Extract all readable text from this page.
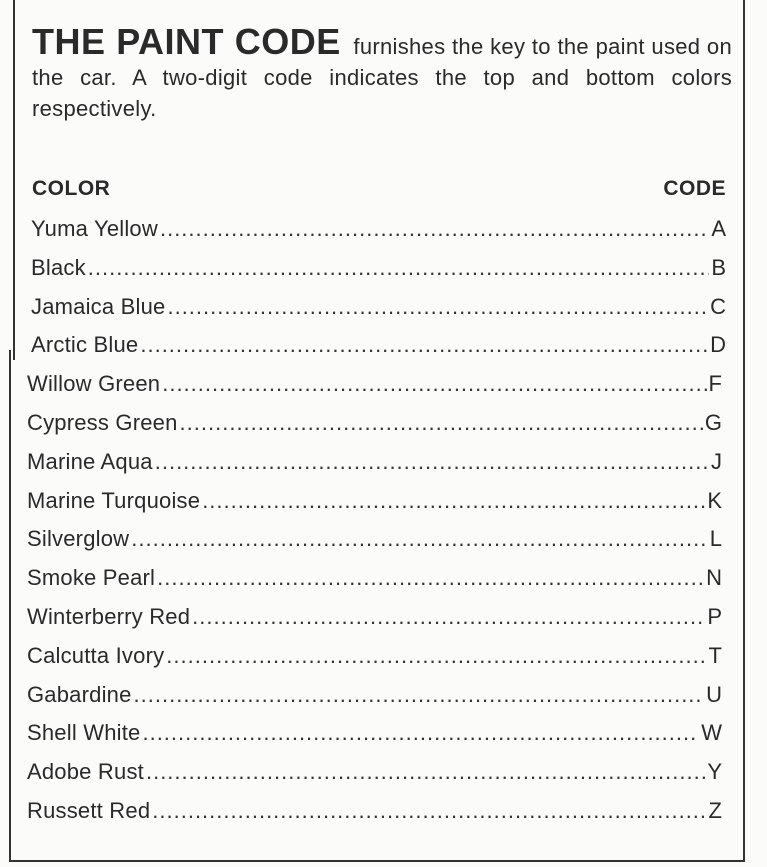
THE PAINT CODE furnishes the key to the paint used on the car. A two-digit code indicates the top and bottom colors respectively.
COLOR	CODE
Yuma Yellow .....	A
Black .....	B
Jamaica Blue .....	C
Arctic Blue .....	D
Willow Green .....	F
Cypress Green .....	G
Marine Aqua .....	J
Marine Turquoise .....	K
Silverglow .....	L
Smoke Pearl .....	N
Winterberry Red .....	P
Calcutta Ivory .....	T
Gabardine .....	U
Shell White .....	W
Adobe Rust .....	Y
Russett Red .....	Z
